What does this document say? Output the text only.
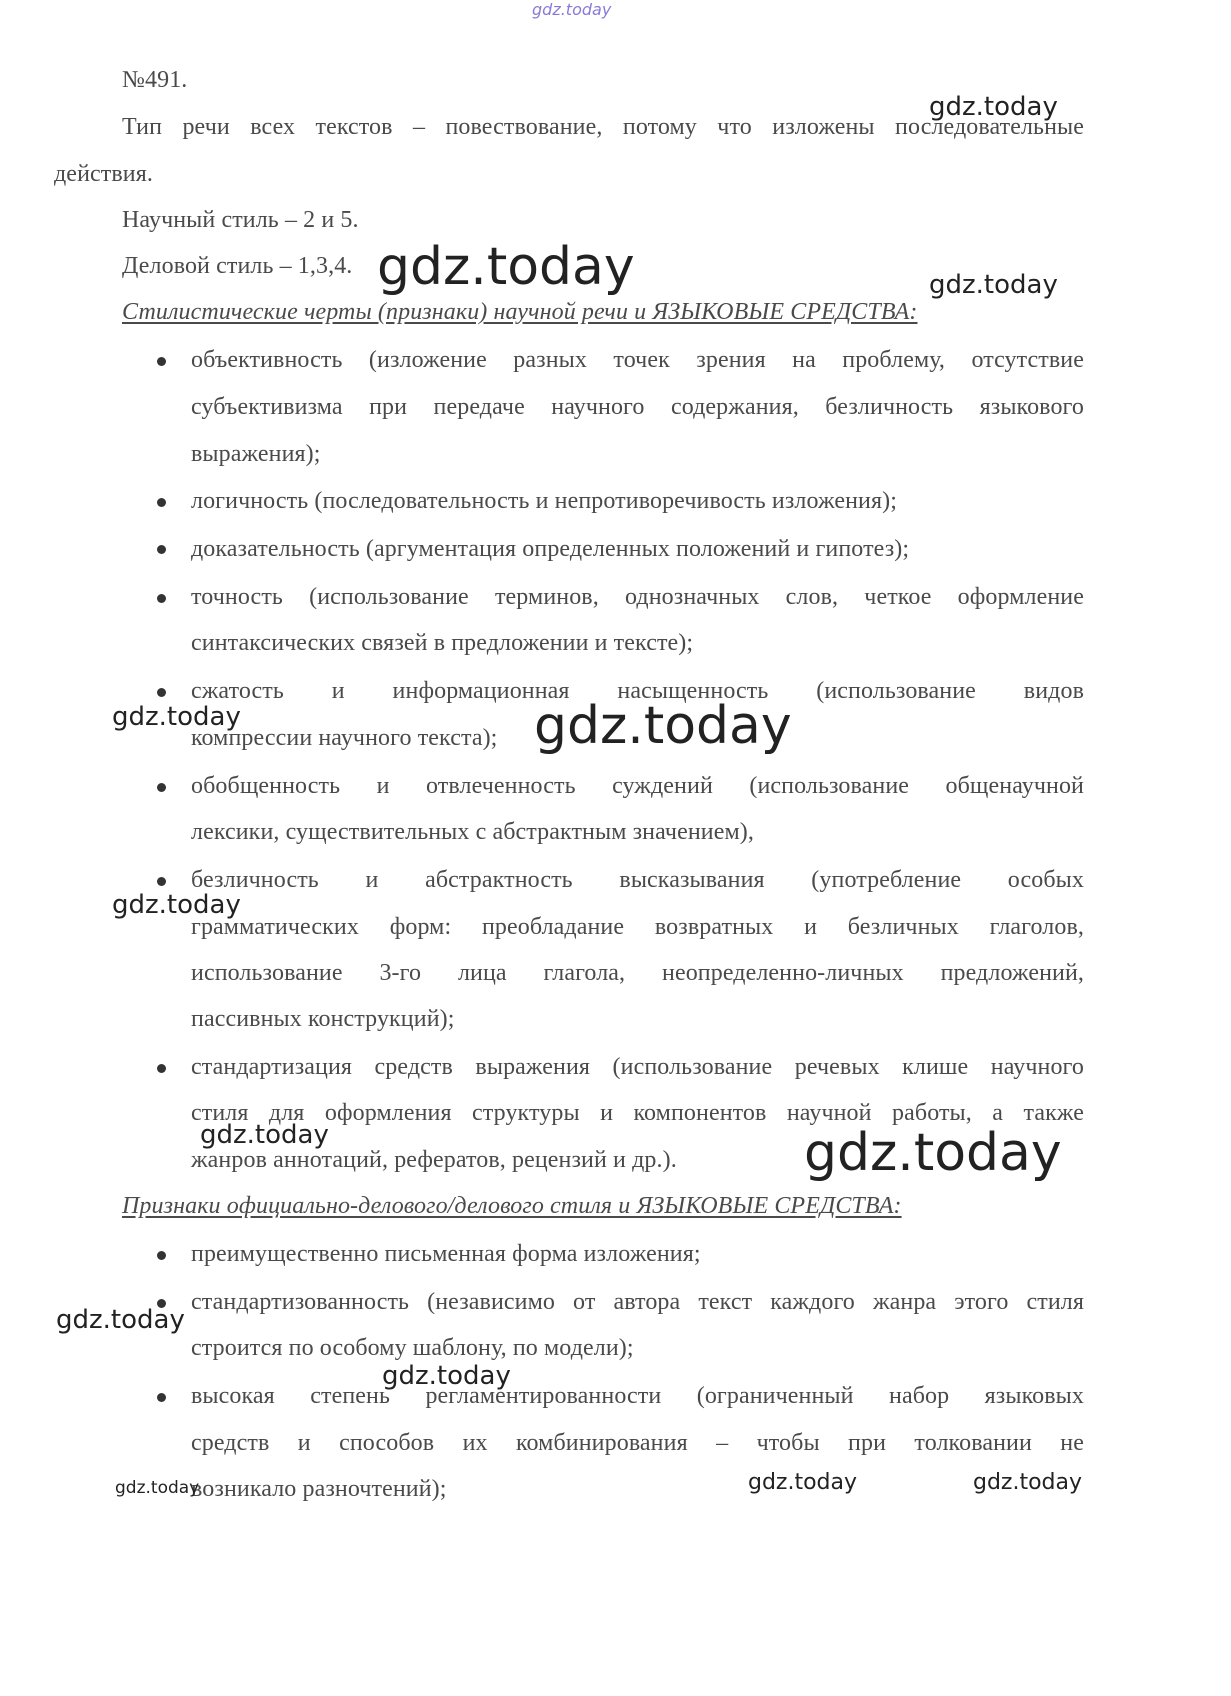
gdz.today
№491.
Тип речи всех текстов – повествование, потому что изложены последовательные
действия.
Научный стиль – 2 и 5.
Деловой стиль – 1,3,4.
Стилистические черты (признаки) научной речи и ЯЗЫКОВЫЕ СРЕДСТВА:
объективность (изложение разных точек зрения на проблему, отсутствие
субъективизма при передаче научного содержания, безличность языкового
выражения);
логичность (последовательность и непротиворечивость изложения);
доказательность (аргументация определенных положений и гипотез);
точность (использование терминов, однозначных слов, четкое оформление
синтаксических связей в предложении и тексте);
сжатость и информационная насыщенность (использование видов
компрессии научного текста);
обобщенность и отвлеченность суждений (использование общенаучной
лексики, существительных с абстрактным значением),
безличность и абстрактность высказывания (употребление особых
грамматических форм: преобладание возвратных и безличных глаголов,
использование 3-го лица глагола, неопределенно-личных предложений,
пассивных конструкций);
стандартизация средств выражения (использование речевых клише научного
стиля для оформления структуры и компонентов научной работы, а также
жанров аннотаций, рефератов, рецензий и др.).
Признаки официально-делового/делового стиля и ЯЗЫКОВЫЕ СРЕДСТВА:
преимущественно письменная форма изложения;
стандартизованность (независимо от автора текст каждого жанра этого стиля
строится по особому шаблону, по модели);
высокая степень регламентированности (ограниченный набор языковых
средств и способов их комбинирования – чтобы при толковании не
возникало разночтений);
gdz.today
gdz.today	gdz.today
gdz.today	gdz.today
gdz.today
gdz.today	gdz.today
gdz.today
gdz.today
gdz.today	gdz.today	gdz.today
